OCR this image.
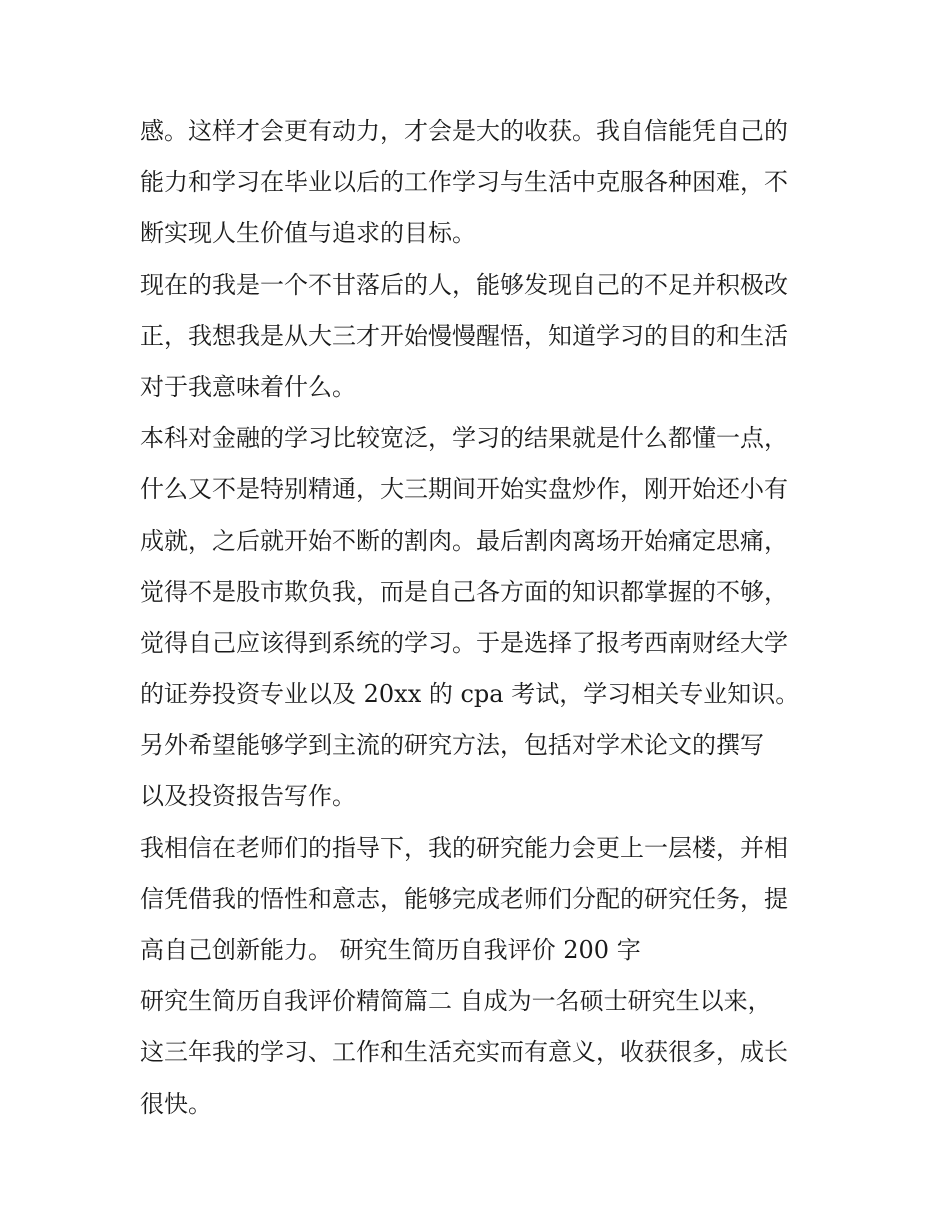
感。这样才会更有动力，才会是大的收获。我自信能凭自己的
能力和学习在毕业以后的工作学习与生活中克服各种困难，不
断实现人生价值与追求的目标。
现在的我是一个不甘落后的人，能够发现自己的不足并积极改
正，我想我是从大三才开始慢慢醒悟，知道学习的目的和生活
对于我意味着什么。
本科对金融的学习比较宽泛，学习的结果就是什么都懂一点，
什么又不是特别精通，大三期间开始实盘炒作，刚开始还小有
成就，之后就开始不断的割肉。最后割肉离场开始痛定思痛，
觉得不是股市欺负我，而是自己各方面的知识都掌握的不够，
觉得自己应该得到系统的学习。于是选择了报考西南财经大学
的证券投资专业以及 20xx 的 cpa 考试，学习相关专业知识。
另外希望能够学到主流的研究方法，包括对学术论文的撰写
以及投资报告写作。
我相信在老师们的指导下，我的研究能力会更上一层楼，并相
信凭借我的悟性和意志，能够完成老师们分配的研究任务，提
高自己创新能力。 研究生简历自我评价 200 字
研究生简历自我评价精简篇二 自成为一名硕士研究生以来，
这三年我的学习、工作和生活充实而有意义，收获很多，成长
很快。
